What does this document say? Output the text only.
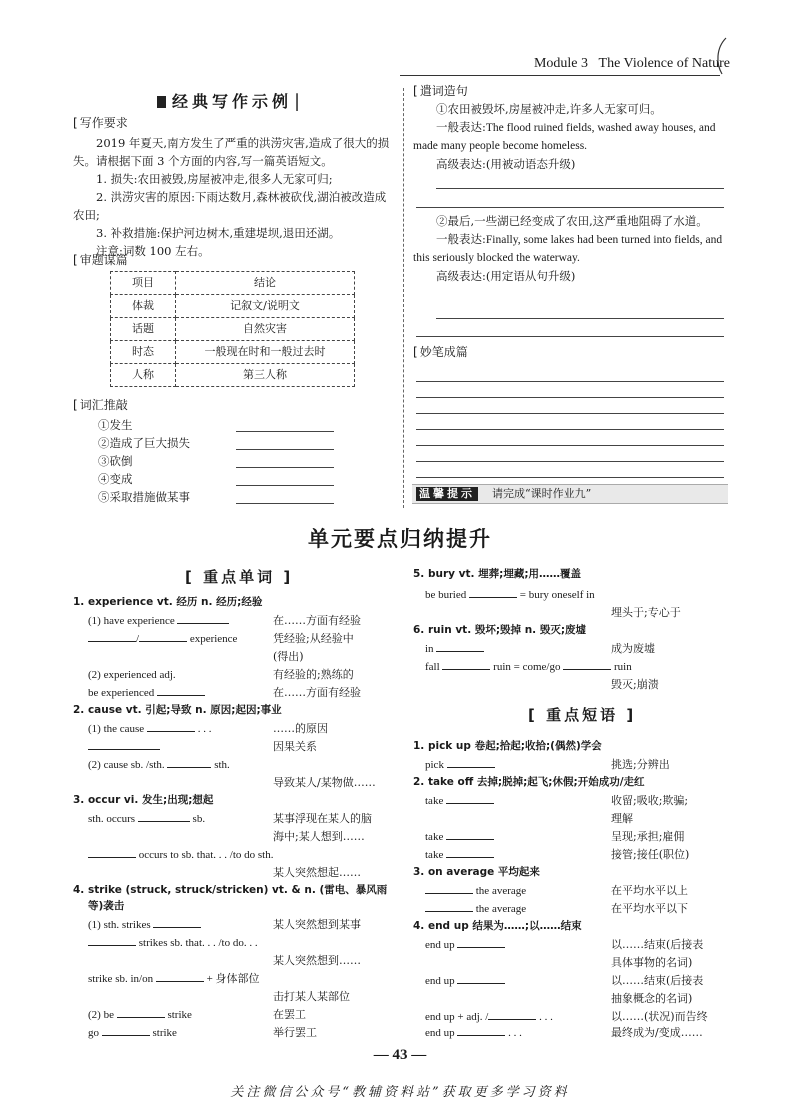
Module 3 The Violence of Nature
经典写作示例 |
[ 写作要求

2019 年夏天,南方发生了严重的洪涝灾害,造成了很大的损失。请根据下面 3 个方面的内容,写一篇英语短文。

1. 损失:农田被毁,房屋被冲走,很多人无家可归;

2. 洪涝灾害的原因:下雨达数月,森林被砍伐,湖泊被改造成农田;

3. 补救措施:保护河边树木,重建堤坝,退田还湖。

注意:词数 100 左右。

[ 审题谋篇
项目	结论
体裁	记叙文/说明文
话题	自然灾害
时态	一般现在时和一般过去时
人称	第三人称
[ 词汇推敲
①发生
②造成了巨大损失
③砍倒
④变成
⑤采取措施做某事
[ 遣词造句

①农田被毁坏,房屋被冲走,许多人无家可归。

一般表达:The flood ruined fields, washed away houses, and made many people become homeless.

高级表达:(用被动语态升级)

②最后,一些湖已经变成了农田,这严重地阻碍了水道。

一般表达:Finally, some lakes had been turned into fields, and this seriously blocked the waterway.

高级表达:(用定语从句升级)

[ 妙笔成篇
温馨提示 请完成“课时作业九”
单元要点归纳提升
[ 重点单词 ]
[ 重点短语 ]
1. experience vt. 经历 n. 经历;经验
(1) have experience	在……方面有经验
/	experience	凭经验;从经验中
(得出)
(2) experienced adj.	有经验的;熟练的
be experienced	在……方面有经验
2. cause vt. 引起;导致 n. 原因;起因;事业
(1) the cause	. . .	……的原因
因果关系
(2) cause sb. /sth.	sth.
导致某人/某物做……
3. occur vi. 发生;出现;想起
sth. occurs	sb.	某事浮现在某人的脑
海中;某人想到……
occurs to sb. that. . . /to do sth.
某人突然想起……
4. strike (struck, struck/stricken) vt. & n. (雷电、暴风雨
等)袭击
(1) sth. strikes	某人突然想到某事
strikes sb. that. . . /to do. . .
某人突然想到……
strike sb. in/on	+ 身体部位
击打某人某部位
(2) be	strike	在罢工
go	strike	举行罢工
5. bury vt. 埋葬;埋藏;用……覆盖
be buried	= bury oneself in
埋头于;专心于
6. ruin vt. 毁坏;毁掉 n. 毁灭;废墟
in	成为废墟
fall	ruin = come/go	ruin
毁灭;崩溃
1. pick up 卷起;拾起;收拾;(偶然)学会
pick	挑选;分辨出
2. take off 去掉;脱掉;起飞;休假;开始成功/走红
take	收留;吸收;欺骗;
理解
take	呈现;承担;雇佣
take	接管;接任(职位)
3. on average 平均起来
the average	在平均水平以上
the average	在平均水平以下
4. end up 结果为……;以……结束
end up	以……结束(后接表
具体事物的名词)
end up	以……结束(后接表
抽象概念的名词)
end up + adj. /	. . .	以……(状况)而告终
end up	. . .	最终成为/变成……
— 43 —
关注微信公众号“教辅资料站”获取更多学习资料
